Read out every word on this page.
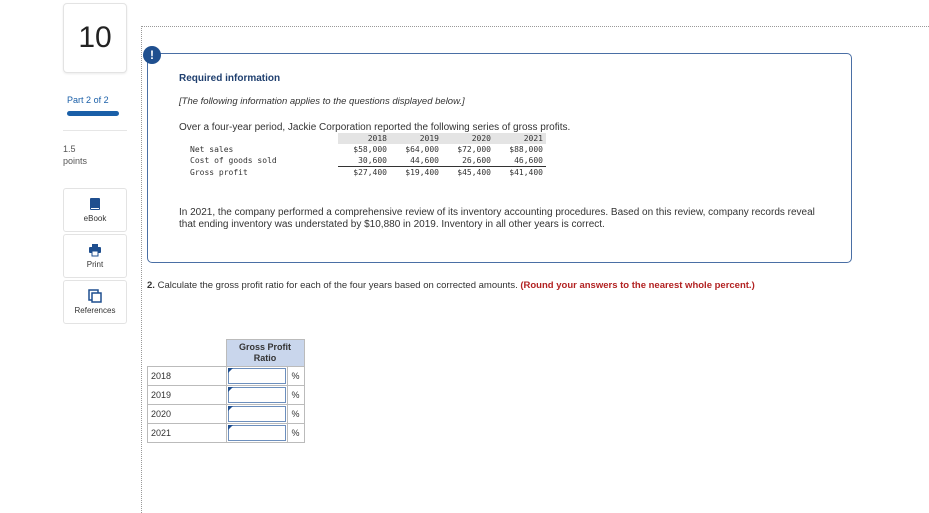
10
Part 2 of 2
1.5
points
eBook
Print
References
!
Required information
[The following information applies to the questions displayed below.]
Over a four-year period, Jackie Corporation reported the following series of gross profits.
	2018	2019	2020	2021
Net sales	$58,000	$64,000	$72,000	$88,000
Cost of goods sold	30,600	44,600	26,600	46,600
Gross profit	$27,400	$19,400	$45,400	$41,400
In 2021, the company performed a comprehensive review of its inventory accounting procedures. Based on this review, company records reveal that ending inventory was understated by $10,880 in 2019. Inventory in all other years is correct.
2. Calculate the gross profit ratio for each of the four years based on corrected amounts. (Round your answers to the nearest whole percent.)

	Gross Profit
Ratio	

2018		%
2019		%
2020		%
2021		%
